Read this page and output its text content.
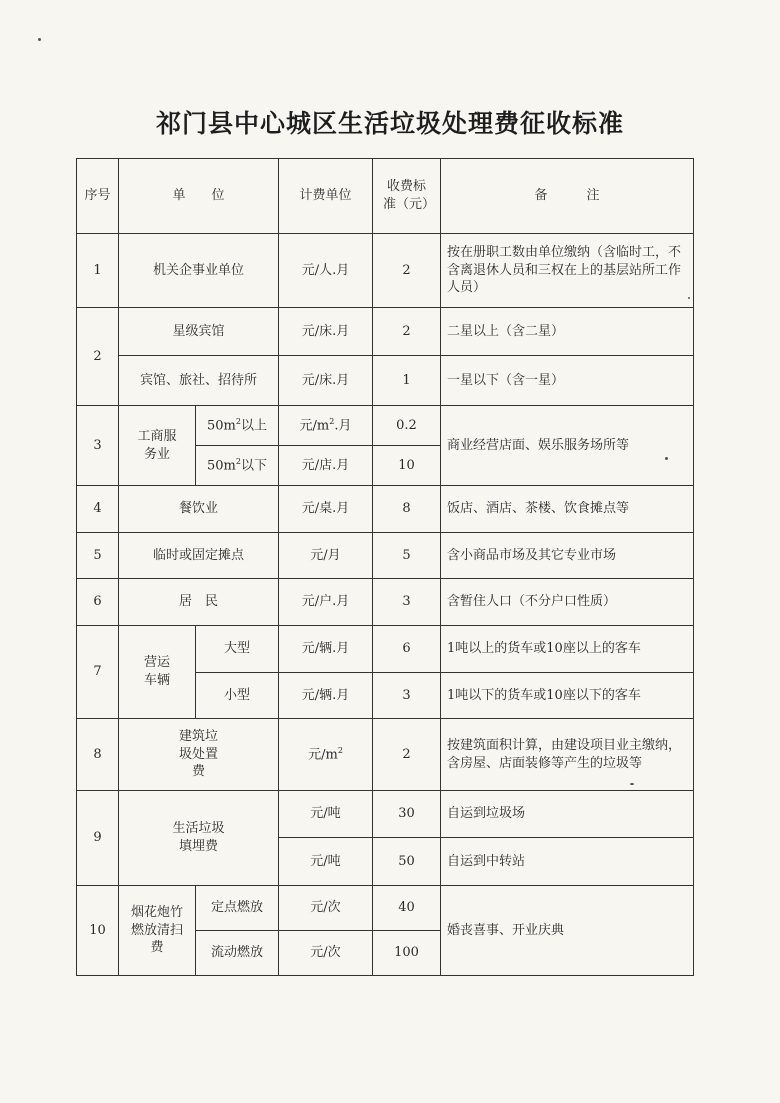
祁门县中心城区生活垃圾处理费征收标准
序号	单　　位		计费单位	收费标准（元）	备　　　注
1	机关企事业单位		元/人.月	2	按在册职工数由单位缴纳（含临时工，不含离退休人员和三权在上的基层站所工作人员）
2	星级宾馆		元/床.月	2	二星以上（含二星）
	宾馆、旅社、招待所		元/床.月	1	一星以下（含一星）
3	工商服务业	$50m^2$以上	元$/m^2$.月	0.2	商业经营店面、娱乐服务场所等
		$50m^2$以下	元/店.月	10	
4	餐饮业		元/桌.月	8	饭店、酒店、茶楼、饮食摊点等
5	临时或固定摊点		元/月	5	含小商品市场及其它专业市场
6	居　民		元/户.月	3	含暂住人口（不分户口性质）
7	营运车辆	大型	元/辆.月	6	1吨以上的货车或10座以上的客车
		小型	元/辆.月	3	1吨以下的货车或10座以下的客车
8	建筑垃圾处置费		元$/m^2$	2	按建筑面积计算，由建设项目业主缴纳，含房屋、店面装修等产生的垃圾等
9	生活垃圾填埋费		元/吨	30	自运到垃圾场
			元/吨	50	自运到中转站
10	烟花炮竹燃放清扫费	定点燃放	元/次	40	婚丧喜事、开业庆典
		流动燃放	元/次	100	
